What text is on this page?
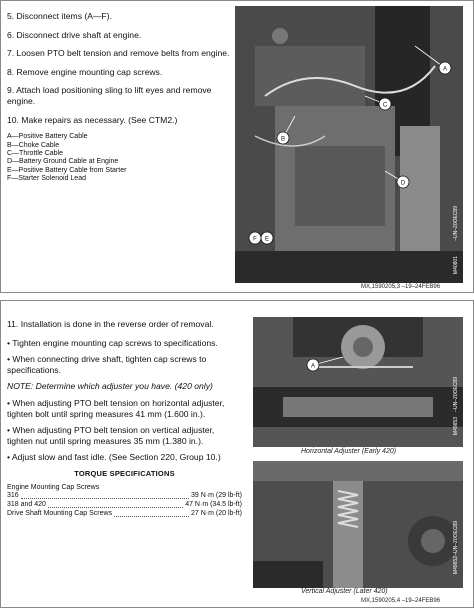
5. Disconnect items (A—F).
6. Disconnect drive shaft at engine.
7. Loosen PTO belt tension and remove belts from engine.
8. Remove engine mounting cap screws.
9. Attach load positioning sling to lift eyes and remove engine.
10. Make repairs as necessary. (See CTM2.)
A—Positive Battery Cable
B—Choke Cable
C—Throttle Cable
D—Battery Ground Cable at Engine
E—Positive Battery Cable from Starter
F—Starter Solenoid Lead
A
B
C
D
F E	–UN–20OEC89
M40801
MX,1590205,3 –19–24FEB96
11. Installation is done in the reverse order of removal.
• Tighten engine mounting cap screws to specifications.
• When connecting drive shaft, tighten cap screws to specifications.
NOTE: Determine which adjuster you have. (420 only)
• When adjusting PTO belt tension on horizontal adjuster, tighten bolt until spring measures 41 mm (1.600 in.).
• When adjusting PTO belt tension on vertical adjuster, tighten nut until spring measures 35 mm (1.380 in.).
• Adjust slow and fast idle. (See Section 220, Group 10.)
TORQUE SPECIFICATIONS
Engine Mounting Cap Screws
316	39 N·m (29 lb-ft)
318 and 420	47 N·m (34.5 lb-ft)
Drive Shaft Mounting Cap Screws	27 N·m (20 lb-ft)
A
–UN–20OEC89
M49653
Horizontal Adjuster (Early 420)
–UN–20OEC89
M49652
Vertical Adjuster (Later 420)
MX,1590205,4 –19–24FEB96
